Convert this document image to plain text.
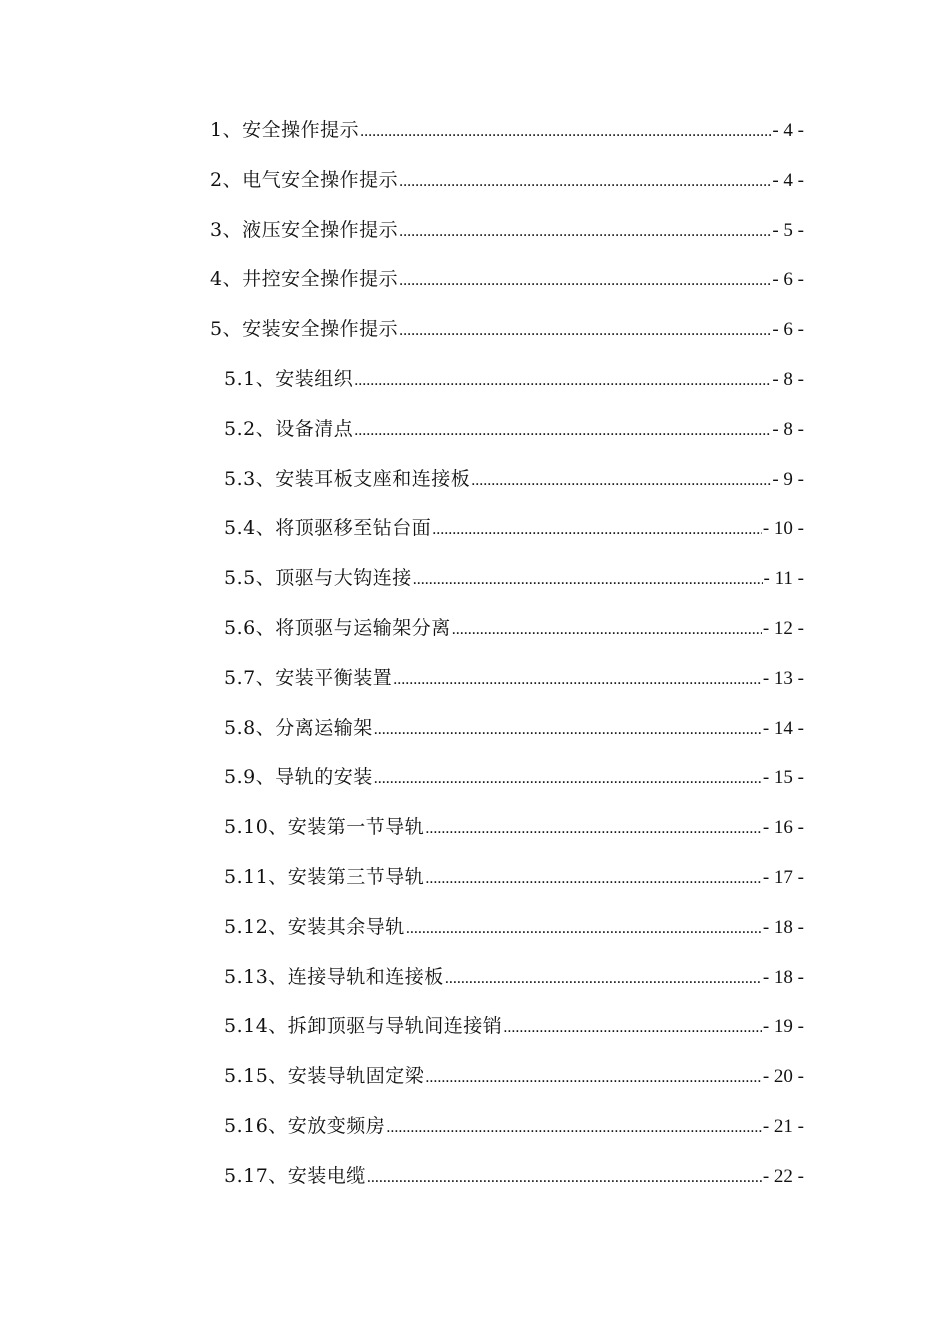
1、安全操作提示 .....	- 4 -
2、电气安全操作提示 .....	- 4 -
3、液压安全操作提示 .....	- 5 -
4、井控安全操作提示 .....	- 6 -
5、安装安全操作提示 .....	- 6 -
5.1、安装组织 .....	- 8 -
5.2、设备清点 .....	- 8 -
5.3、安装耳板支座和连接板 .....	- 9 -
5.4、将顶驱移至钻台面 .....	- 10 -
5.5、顶驱与大钩连接 .....	- 11 -
5.6、将顶驱与运输架分离 .....	- 12 -
5.7、安装平衡装置 .....	- 13 -
5.8、分离运输架 .....	- 14 -
5.9、导轨的安装 .....	- 15 -
5.10、安装第一节导轨 .....	- 16 -
5.11、安装第三节导轨 .....	- 17 -
5.12、安装其余导轨 .....	- 18 -
5.13、连接导轨和连接板 .....	- 18 -
5.14、拆卸顶驱与导轨间连接销 .....	- 19 -
5.15、安装导轨固定梁 .....	- 20 -
5.16、安放变频房 .....	- 21 -
5.17、安装电缆 .....	- 22 -
